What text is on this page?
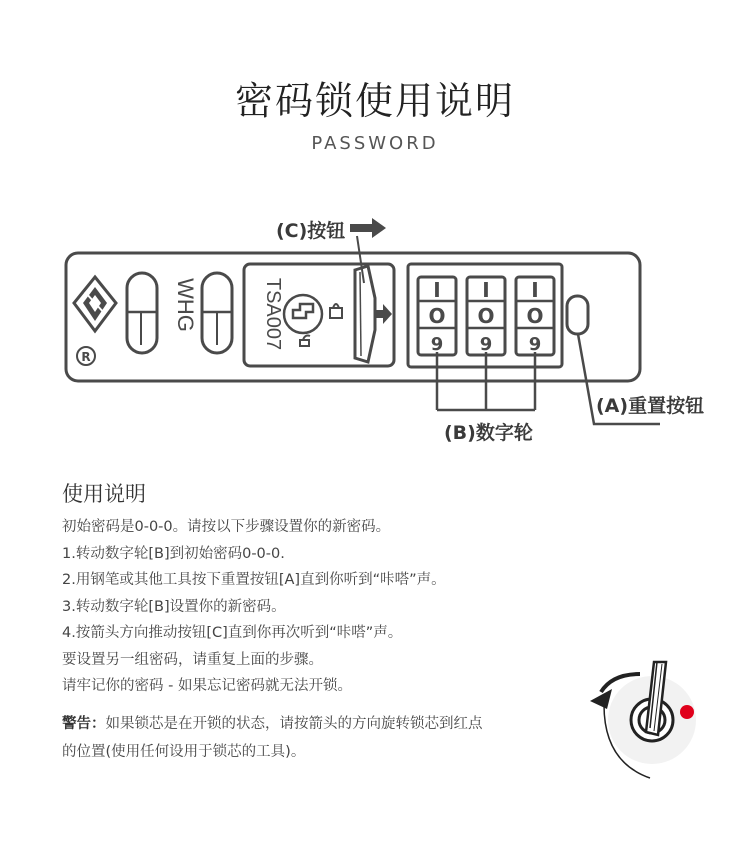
密码锁使用说明
PASSWORD
R
WHG	TSA007	I
O
9
I
O
9
I
O
9
(C)按钮
(A)重置按钮
(B)数字轮
使用说明
初始密码是0-0-0。请按以下步骤设置你的新密码。
1.转动数字轮[B]到初始密码0-0-0.
2.用钢笔或其他工具按下重置按钮[A]直到你听到“咔嗒”声。
3.转动数字轮[B]设置你的新密码。
4.按箭头方向推动按钮[C]直到你再次听到“咔嗒”声。
要设置另一组密码，请重复上面的步骤。
请牢记你的密码 - 如果忘记密码就无法开锁。
警告：如果锁芯是在开锁的状态，请按箭头的方向旋转锁芯到红点
的位置(使用任何设用于锁芯的工具)。
